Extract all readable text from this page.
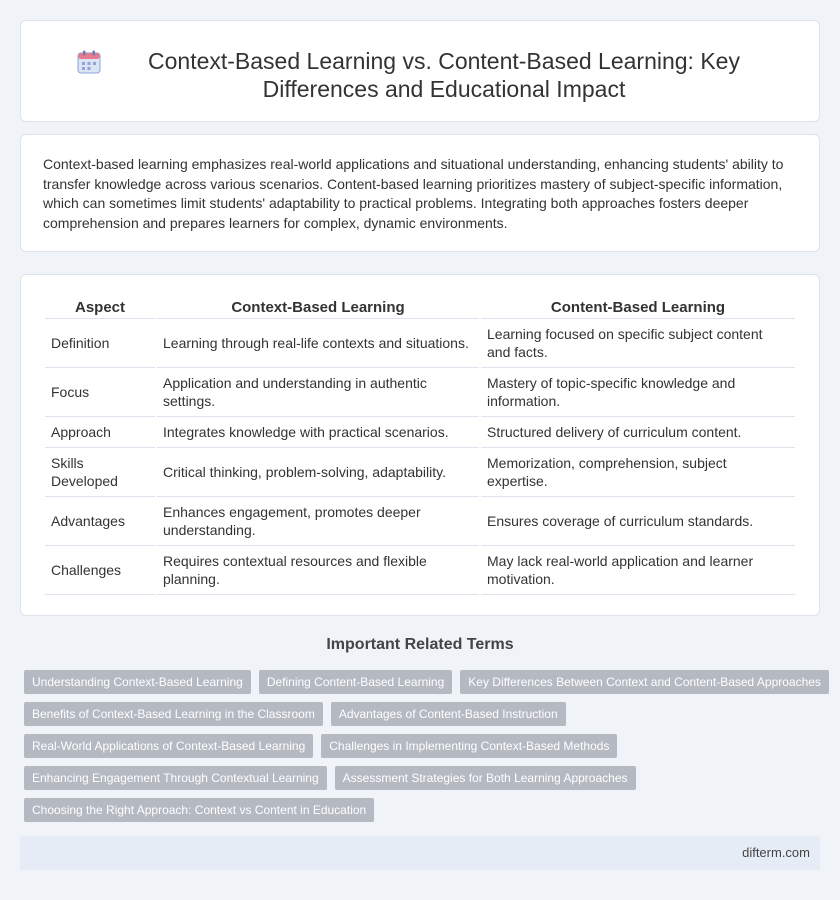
Context-Based Learning vs. Content-Based Learning: Key Differences and Educational Impact

Context-based learning emphasizes real-world applications and situational understanding, enhancing students' ability to transfer knowledge across various scenarios. Content-based learning prioritizes mastery of subject-specific information, which can sometimes limit students' adaptability to practical problems. Integrating both approaches fosters deeper comprehension and prepares learners for complex, dynamic environments.

Aspect	Context-Based Learning	Content-Based Learning
Definition	Learning through real-life contexts and situations.	Learning focused on specific subject content and facts.
Focus	Application and understanding in authentic settings.	Mastery of topic-specific knowledge and information.
Approach	Integrates knowledge with practical scenarios.	Structured delivery of curriculum content.
Skills Developed	Critical thinking, problem-solving, adaptability.	Memorization, comprehension, subject expertise.
Advantages	Enhances engagement, promotes deeper understanding.	Ensures coverage of curriculum standards.
Challenges	Requires contextual resources and flexible planning.	May lack real-world application and learner motivation.
Important Related Terms
Understanding Context-Based Learning	Defining Content-Based Learning	Key Differences Between Context and Content-Based Approaches
Benefits of Context-Based Learning in the Classroom	Advantages of Content-Based Instruction
Real-World Applications of Context-Based Learning	Challenges in Implementing Context-Based Methods
Enhancing Engagement Through Contextual Learning	Assessment Strategies for Both Learning Approaches
Choosing the Right Approach: Context vs Content in Education
difterm.com
